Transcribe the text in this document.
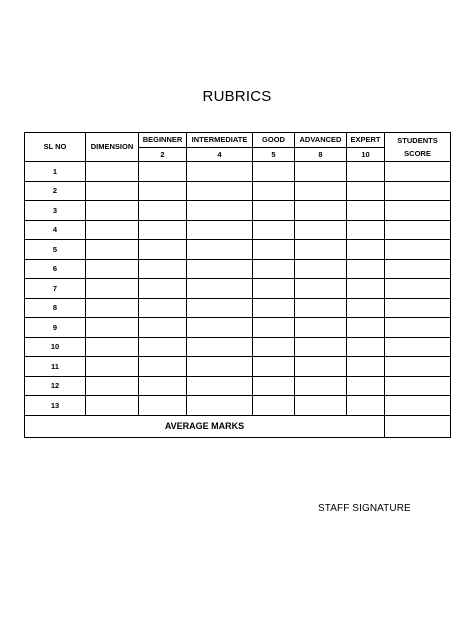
RUBRICS
SL NO	DIMENSION	BEGINNER	INTERMEDIATE	GOOD	ADVANCED	EXPERT	STUDENTS
SCORE

		2	4	5	8	10	
1							
2							
3							
4							
5							
6							
7							
8							
9							
10							
11							
12							
13							
AVERAGE MARKS							
STAFF SIGNATURE
